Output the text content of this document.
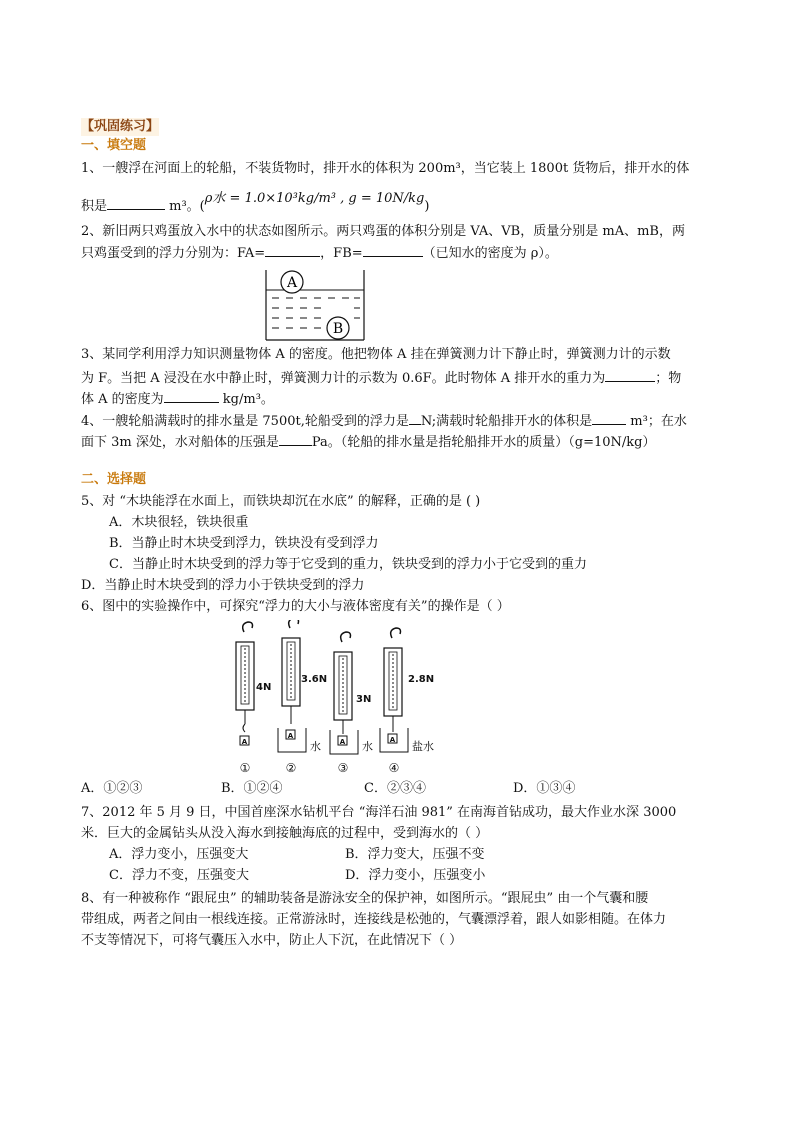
【巩固练习】
一、填空题
1、一艘浮在河面上的轮船，不装货物时，排开水的体积为 200m³，当它装上 1800t 货物后，排开水的体
积是	m³。(ρ水 = 1.0×10³kg/m³ , g = 10N/kg)
2、新旧两只鸡蛋放入水中的状态如图所示。两只鸡蛋的体积分别是 VA、VB，质量分别是 mA、mB，两
只鸡蛋受到的浮力分别为：FA=	，FB=	（已知水的密度为 ρ）。
A
B
3、某同学利用浮力知识测量物体 A 的密度。他把物体 A 挂在弹簧测力计下静止时，弹簧测力计的示数
为 F。当把 A 浸没在水中静止时，弹簧测力计的示数为 0.6F。此时物体 A 排开水的重力为	；物
体 A 的密度为	kg/m³。
4、一艘轮船满载时的排水量是 7500t,轮船受到的浮力是 N;满载时轮船排开水的体积是	m³；在水
面下 3m 深处，水对船体的压强是	Pa。（轮船的排水量是指轮船排开水的质量）（g=10N/kg）
二、选择题
5、对 “木块能浮在水面上，而铁块却沉在水底” 的解释，正确的是 ( )
A．木块很轻，铁块很重
B．当静止时木块受到浮力，铁块没有受到浮力
C．当静止时木块受到的浮力等于它受到的重力，铁块受到的浮力小于它受到的重力
D．当静止时木块受到的浮力小于铁块受到的浮力
6、图中的实验操作中，可探究“浮力的大小与液体密度有关”的操作是（ ）
A
4N
A
3.6N
水	A
3N
水 A
2.8N
盐水
①	②	③	④
A．①②③	B．①②④	C．②③④	D．①③④
7、2012 年 5 月 9 日，中国首座深水钻机平台 “海洋石油 981” 在南海首钻成功，最大作业水深 3000
米．巨大的金属钻头从没入海水到接触海底的过程中，受到海水的（ ）
A．浮力变小，压强变大	B．浮力变大，压强不变
C．浮力不变，压强变大	D．浮力变小，压强变小
8、有一种被称作 “跟屁虫” 的辅助装备是游泳安全的保护神，如图所示。“跟屁虫” 由一个气囊和腰
带组成，两者之间由一根线连接。正常游泳时，连接线是松弛的，气囊漂浮着，跟人如影相随。在体力
不支等情况下，可将气囊压入水中，防止人下沉，在此情况下（ ）
